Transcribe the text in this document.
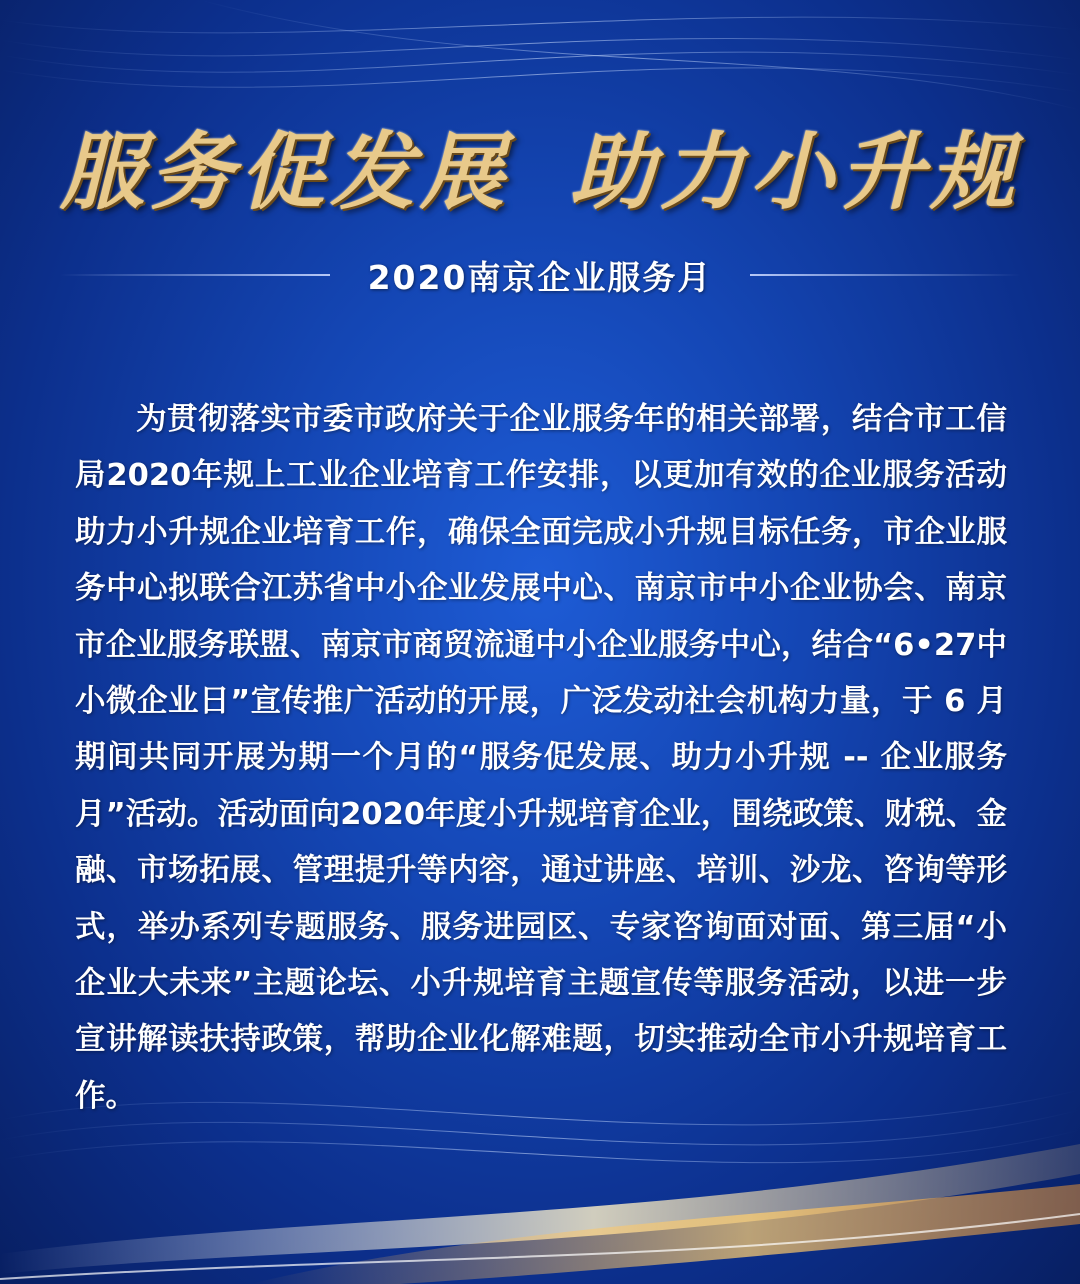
服务促发展 助力小升规
2020南京企业服务月
为贯彻落实市委市政府关于企业服务年的相关部署，结合市工信局2020年规上工业企业培育工作安排，以更加有效的企业服务活动助力小升规企业培育工作，确保全面完成小升规目标任务，市企业服务中心拟联合江苏省中小企业发展中心、南京市中小企业协会、南京市企业服务联盟、南京市商贸流通中小企业服务中心，结合“6•27中小微企业日”宣传推广活动的开展，广泛发动社会机构力量，于 6 月期间共同开展为期一个月的“服务促发展、助力小升规 -- 企业服务月”活动。活动面向2020年度小升规培育企业，围绕政策、财税、金融、市场拓展、管理提升等内容，通过讲座、培训、沙龙、咨询等形式，举办系列专题服务、服务进园区、专家咨询面对面、第三届“小企业大未来”主题论坛、小升规培育主题宣传等服务活动，以进一步宣讲解读扶持政策，帮助企业化解难题，切实推动全市小升规培育工作。
